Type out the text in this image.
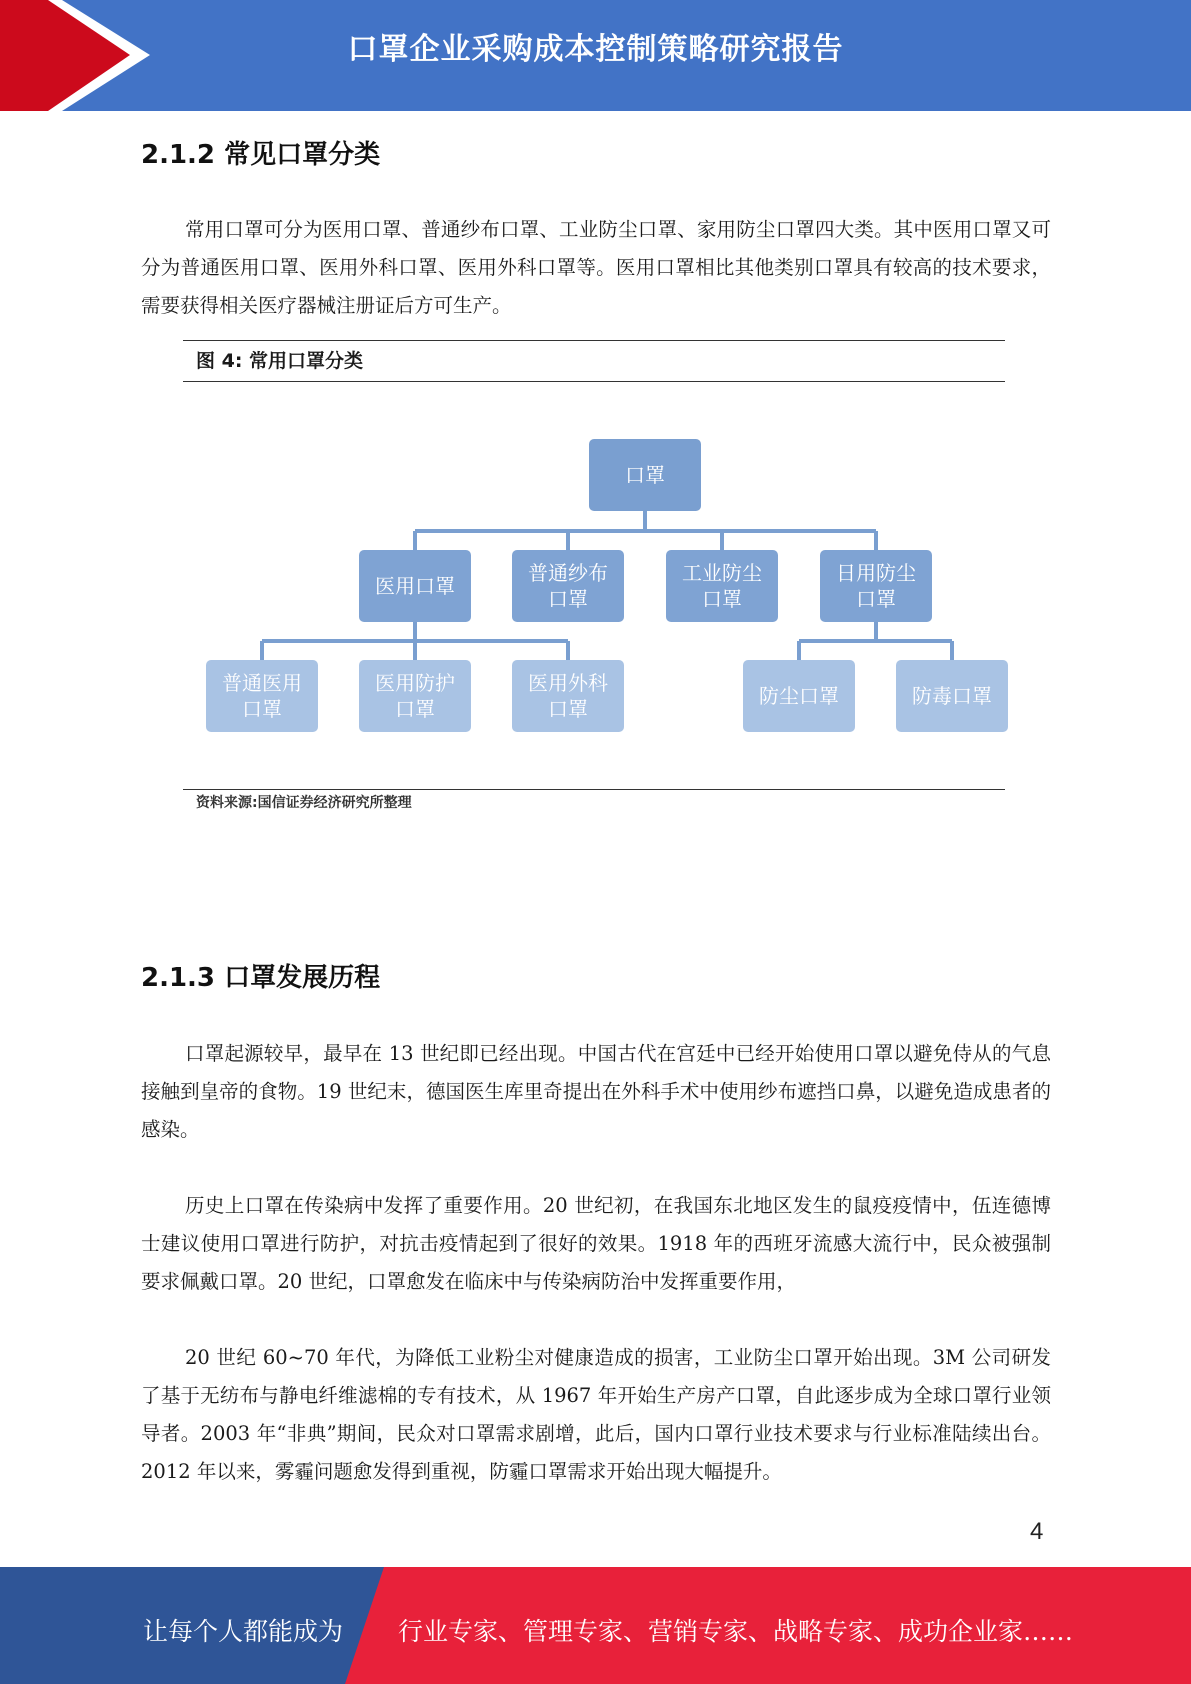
口罩企业采购成本控制策略研究报告
2.1.2 常见口罩分类

常用口罩可分为医用口罩、普通纱布口罩、工业防尘口罩、家用防尘口罩四大类。其中医用口罩又可分为普通医用口罩、医用外科口罩、医用外科口罩等。医用口罩相比其他类别口罩具有较高的技术要求，需要获得相关医疗器械注册证后方可生产。

图 4: 常用口罩分类
口罩
医用口罩
普通纱布
口罩
工业防尘
口罩
日用防尘
口罩
普通医用
口罩
医用防护
口罩
医用外科
口罩
防尘口罩	防毒口罩
资料来源:国信证券经济研究所整理
2.1.3 口罩发展历程

口罩起源较早，最早在 13 世纪即已经出现。中国古代在宫廷中已经开始使用口罩以避免侍从的气息接触到皇帝的食物。19 世纪末，德国医生库里奇提出在外科手术中使用纱布遮挡口鼻，以避免造成患者的感染。

历史上口罩在传染病中发挥了重要作用。20 世纪初，在我国东北地区发生的鼠疫疫情中，伍连德博士建议使用口罩进行防护，对抗击疫情起到了很好的效果。1918 年的西班牙流感大流行中，民众被强制要求佩戴口罩。20 世纪，口罩愈发在临床中与传染病防治中发挥重要作用，

20 世纪 60~70 年代，为降低工业粉尘对健康造成的损害，工业防尘口罩开始出现。3M 公司研发了基于无纺布与静电纤维滤棉的专有技术，从 1967 年开始生产房产口罩，自此逐步成为全球口罩行业领导者。2003 年“非典”期间，民众对口罩需求剧增，此后，国内口罩行业技术要求与行业标准陆续出台。2012 年以来，雾霾问题愈发得到重视，防霾口罩需求开始出现大幅提升。

4
让每个人都能成为 行业专家、管理专家、营销专家、战略专家、成功企业家……
